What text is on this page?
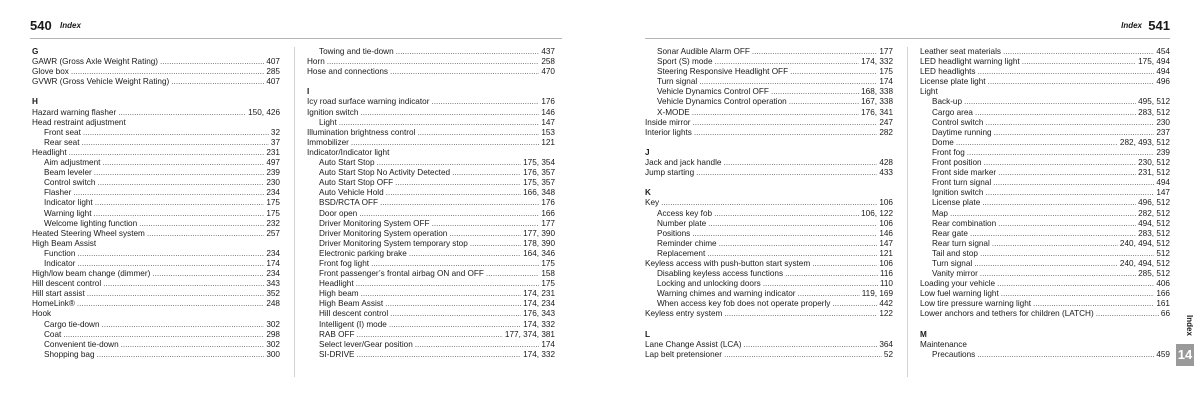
540 Index	Index 541
G
GAWR (Gross Axle Weight Rating) .....	407
Glove box .....	285
GVWR (Gross Vehicle Weight Rating) .....	407
H
Hazard warning flasher .....	150, 426
Head restraint adjustment
Front seat .....	32
Rear seat .....	37
Headlight .....	231
Aim adjustment .....	497
Beam leveler .....	239
Control switch .....	230
Flasher .....	234
Indicator light .....	175
Warning light .....	175
Welcome lighting function .....	232
Heated Steering Wheel system .....	257
High Beam Assist
Function .....	234
Indicator .....	174
High/low beam change (dimmer) .....	234
Hill descent control .....	343
Hill start assist .....	352
HomeLink® .....	248
Hook
Cargo tie-down .....	302
Coat .....	298
Convenient tie-down .....	302
Shopping bag .....	300
Towing and tie-down .....	437
Horn .....	258
Hose and connections .....	470
I
Icy road surface warning indicator .....	176
Ignition switch .....	146
Light .....	147
Illumination brightness control .....	153
Immobilizer .....	121
Indicator/Indicator light
Auto Start Stop .....	175, 354
Auto Start Stop No Activity Detected .....	176, 357
Auto Start Stop OFF .....	175, 357
Auto Vehicle Hold .....	166, 348
BSD/RCTA OFF .....	176
Door open .....	166
Driver Monitoring System OFF .....	177
Driver Monitoring System operation .....	177, 390
Driver Monitoring System temporary stop .....	178, 390
Electronic parking brake .....	164, 346
Front fog light .....	175
Front passenger’s frontal airbag ON and OFF .....	158
Headlight .....	175
High beam .....	174, 231
High Beam Assist .....	174, 234
Hill descent control .....	176, 343
Intelligent (I) mode .....	174, 332
RAB OFF .....	177, 374, 381
Select lever/Gear position .....	174
SI-DRIVE .....	174, 332
Sonar Audible Alarm OFF .....	177
Sport (S) mode .....	174, 332
Steering Responsive Headlight OFF .....	175
Turn signal .....	174
Vehicle Dynamics Control OFF .....	168, 338
Vehicle Dynamics Control operation .....	167, 338
X-MODE .....	176, 341
Inside mirror .....	247
Interior lights .....	282
J
Jack and jack handle .....	428
Jump starting .....	433
K
Key .....	106
Access key fob .....	106, 122
Number plate .....	106
Positions .....	146
Reminder chime .....	147
Replacement .....	121
Keyless access with push-button start system .....	106
Disabling keyless access functions .....	116
Locking and unlocking doors .....	110
Warning chimes and warning indicator .....	119, 169
When access key fob does not operate properly .....	442
Keyless entry system .....	122
L
Lane Change Assist (LCA) .....	364
Lap belt pretensioner .....	52
Leather seat materials .....	454
LED headlight warning light .....	175, 494
LED headlights .....	494
License plate light .....	496
Light
Back-up .....	495, 512
Cargo area .....	283, 512
Control switch .....	230
Daytime running .....	237
Dome .....	282, 493, 512
Front fog .....	239
Front position .....	230, 512
Front side marker .....	231, 512
Front turn signal .....	494
Ignition switch .....	147
License plate .....	496, 512
Map .....	282, 512
Rear combination .....	494, 512
Rear gate .....	283, 512
Rear turn signal .....	240, 494, 512
Tail and stop .....	512
Turn signal .....	240, 494, 512
Vanity mirror .....	285, 512
Loading your vehicle .....	406
Low fuel warning light .....	166
Low tire pressure warning light .....	161
Lower anchors and tethers for children (LATCH) .....	66
M
Maintenance
Precautions .....	459
Index
14
